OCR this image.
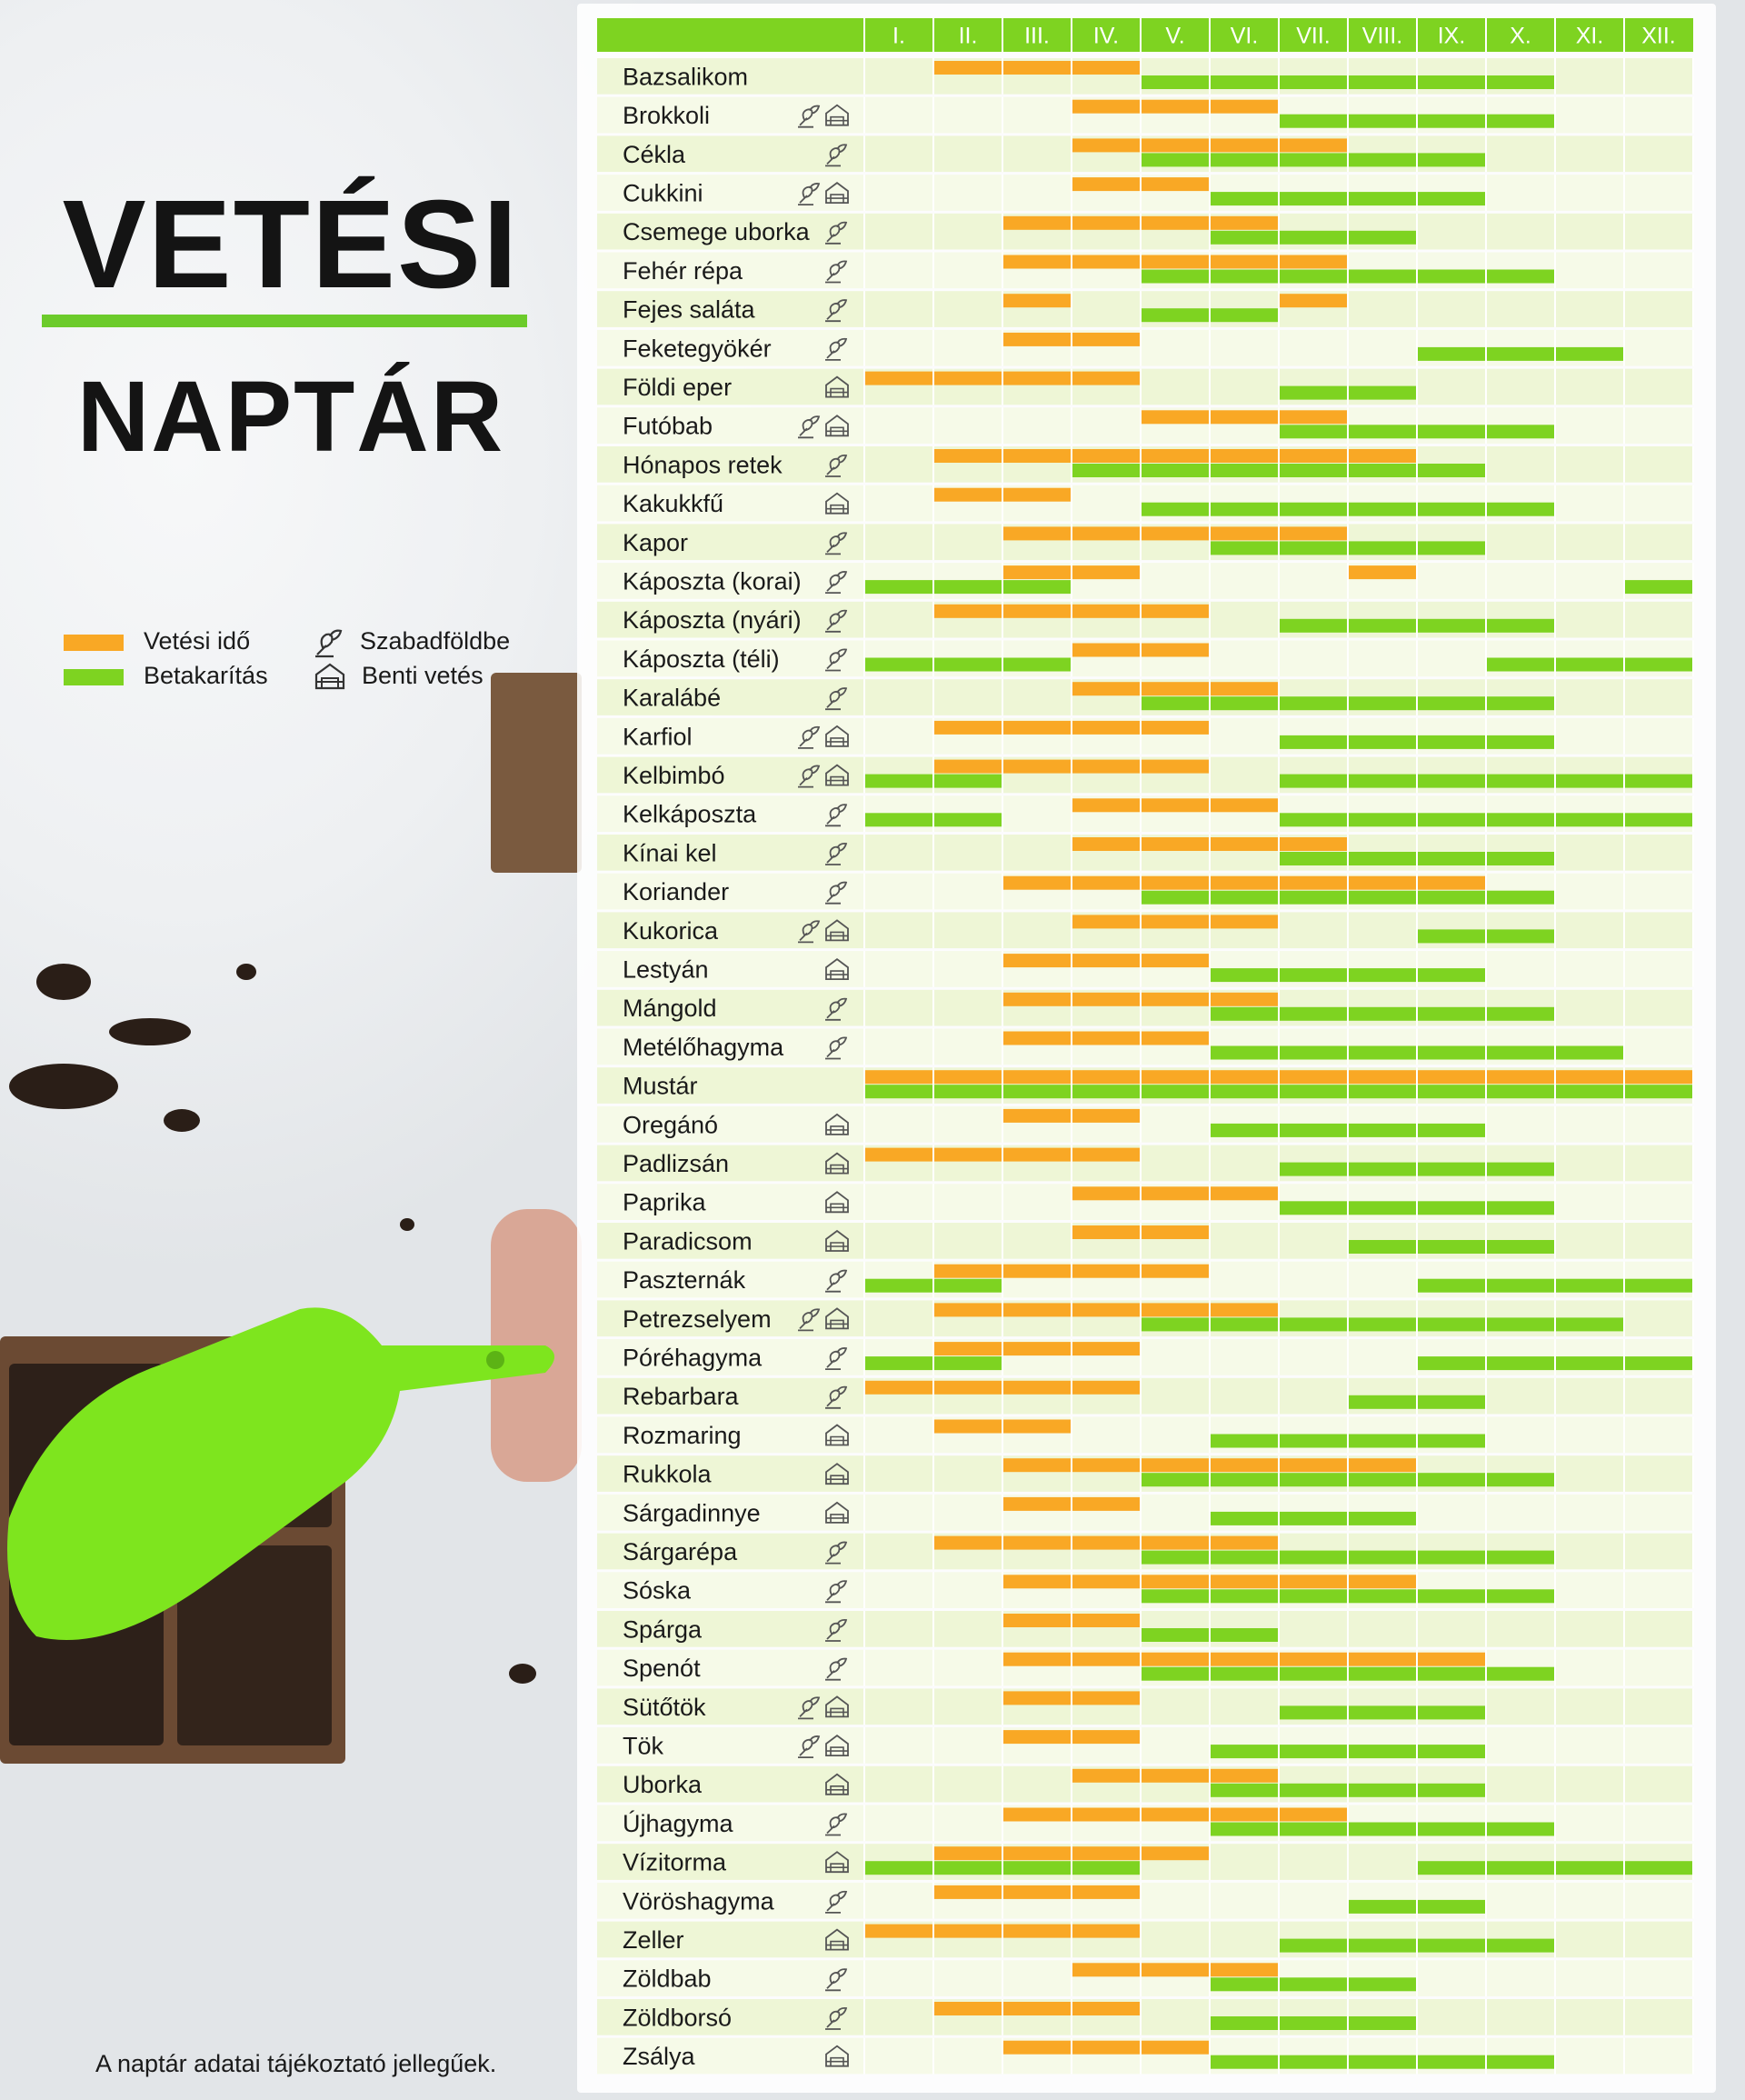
VETÉSI
NAPTÁR
Vetési idő
Betakarítás
Szabadföldbe
Benti vetés
A naptár adatai tájékoztató jellegűek.
I. II. III. IV. V. VI. VII. VIII. IX. X. XI. XII.
Bazsalikom
Brokkoli
Cékla
Cukkini
Csemege uborka
Fehér répa
Fejes saláta
Feketegyökér
Földi eper
Futóbab
Hónapos retek
Kakukkfű
Kapor
Káposzta (korai)
Káposzta (nyári)
Káposzta (téli)
Karalábé
Karfiol
Kelbimbó
Kelkáposzta
Kínai kel
Koriander
Kukorica
Lestyán
Mángold
Metélőhagyma
Mustár
Oregánó
Padlizsán
Paprika
Paradicsom
Paszternák
Petrezselyem
Póréhagyma
Rebarbara
Rozmaring
Rukkola
Sárgadinnye
Sárgarépa
Sóska
Spárga
Spenót
Sütőtök
Tök
Uborka
Újhagyma
Vízitorma
Vöröshagyma
Zeller
Zöldbab
Zöldborsó
Zsálya
